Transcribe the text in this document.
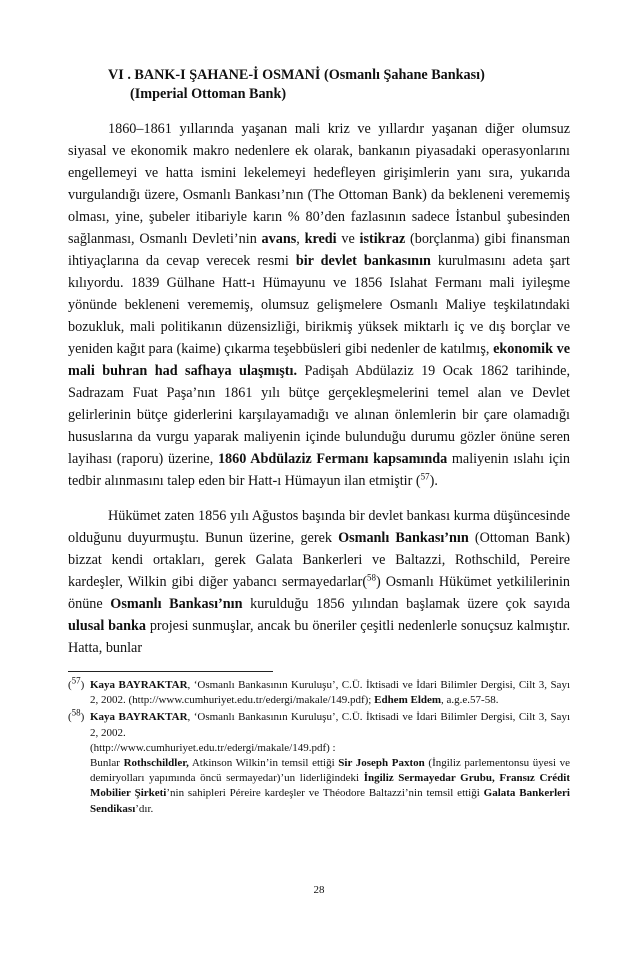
VI . BANK-I ŞAHANE-İ OSMANİ (Osmanlı Şahane Bankası)
(Imperial Ottoman Bank)

1860–1861 yıllarında yaşanan mali kriz ve yıllardır yaşanan diğer olumsuz siyasal ve ekonomik makro nedenlere ek olarak, bankanın piyasadaki operasyonlarını engellemeyi ve hatta ismini lekelemeyi hedefleyen girişimlerin yanı sıra, yukarıda vurgulandığı üzere, Osmanlı Bankası’nın (The Ottoman Bank) da bekleneni verememiş olması, yine, şubeler itibariyle karın % 80’den fazlasının sadece İstanbul şubesinden sağlanması, Osmanlı Devleti’nin avans, kredi ve istikraz (borçlanma) gibi finansman ihtiyaçlarına da cevap verecek resmi bir devlet bankasının kurulmasını adeta şart kılıyordu. 1839 Gülhane Hatt-ı Hümayunu ve 1856 Islahat Fermanı mali iyileşme yönünde bekleneni verememiş, olumsuz gelişmelere Osmanlı Maliye teşkilatındaki bozukluk, mali politikanın düzensizliği, birikmiş yüksek miktarlı iç ve dış borçlar ve yeniden kağıt para (kaime) çıkarma teşebbüsleri gibi nedenler de katılmış, ekonomik ve mali buhran had safhaya ulaşmıştı. Padişah Abdülaziz 19 Ocak 1862 tarihinde, Sadrazam Fuat Paşa’nın 1861 yılı bütçe gerçekleşmelerini temel alan ve Devlet gelirlerinin bütçe giderlerini karşılayamadığı ve alınan önlemlerin bir çare olamadığı hususlarına da vurgu yaparak maliyenin içinde bulunduğu durumu gözler önüne seren layihası (raporu) üzerine, 1860 Abdülaziz Fermanı kapsamında maliyenin ıslahı için tedbir alınmasını talep eden bir Hatt-ı Hümayun ilan etmiştir ($^{57}$).

Hükümet zaten 1856 yılı Ağustos başında bir devlet bankası kurma düşüncesinde olduğunu duyurmuştu. Bunun üzerine, gerek Osmanlı Bankası’nın (Ottoman Bank) bizzat kendi ortakları, gerek Galata Bankerleri ve Baltazzi, Rothschild, Pereire kardeşler, Wilkin gibi diğer yabancı sermayedarlar($^{58}$) Osmanlı Hükümet yetkililerinin önüne Osmanlı Bankası’nın kurulduğu 1856 yılından başlamak üzere çok sayıda ulusal banka projesi sunmuşlar, ancak bu öneriler çeşitli nedenlerle sonuçsuz kalmıştır. Hatta, bunlar

($^{57}$) Kaya BAYRAKTAR, ‘Osmanlı Bankasının Kuruluşu’, C.Ü. İktisadi ve İdari Bilimler Dergisi, Cilt 3, Sayı 2, 2002. (http://www.cumhuriyet.edu.tr/edergi/makale/149.pdf); Edhem Eldem, a.g.e.57-58.

($^{58}$) Kaya BAYRAKTAR, ‘Osmanlı Bankasının Kuruluşu’, C.Ü. İktisadi ve İdari Bilimler Dergisi, Cilt 3, Sayı 2, 2002.
(http://www.cumhuriyet.edu.tr/edergi/makale/149.pdf) :
Bunlar Rothschildler, Atkinson Wilkin’in temsil ettiği Sir Joseph Paxton (İngiliz parlementonsu üyesi ve demiryolları yapımında öncü sermayedar)’un liderliğindeki İngiliz Sermayedar Grubu, Fransız Crédit Mobilier Şirketi’nin sahipleri Péreire kardeşler ve Théodore Baltazzi’nin temsil ettiği Galata Bankerleri Sendikası’dır.

28
